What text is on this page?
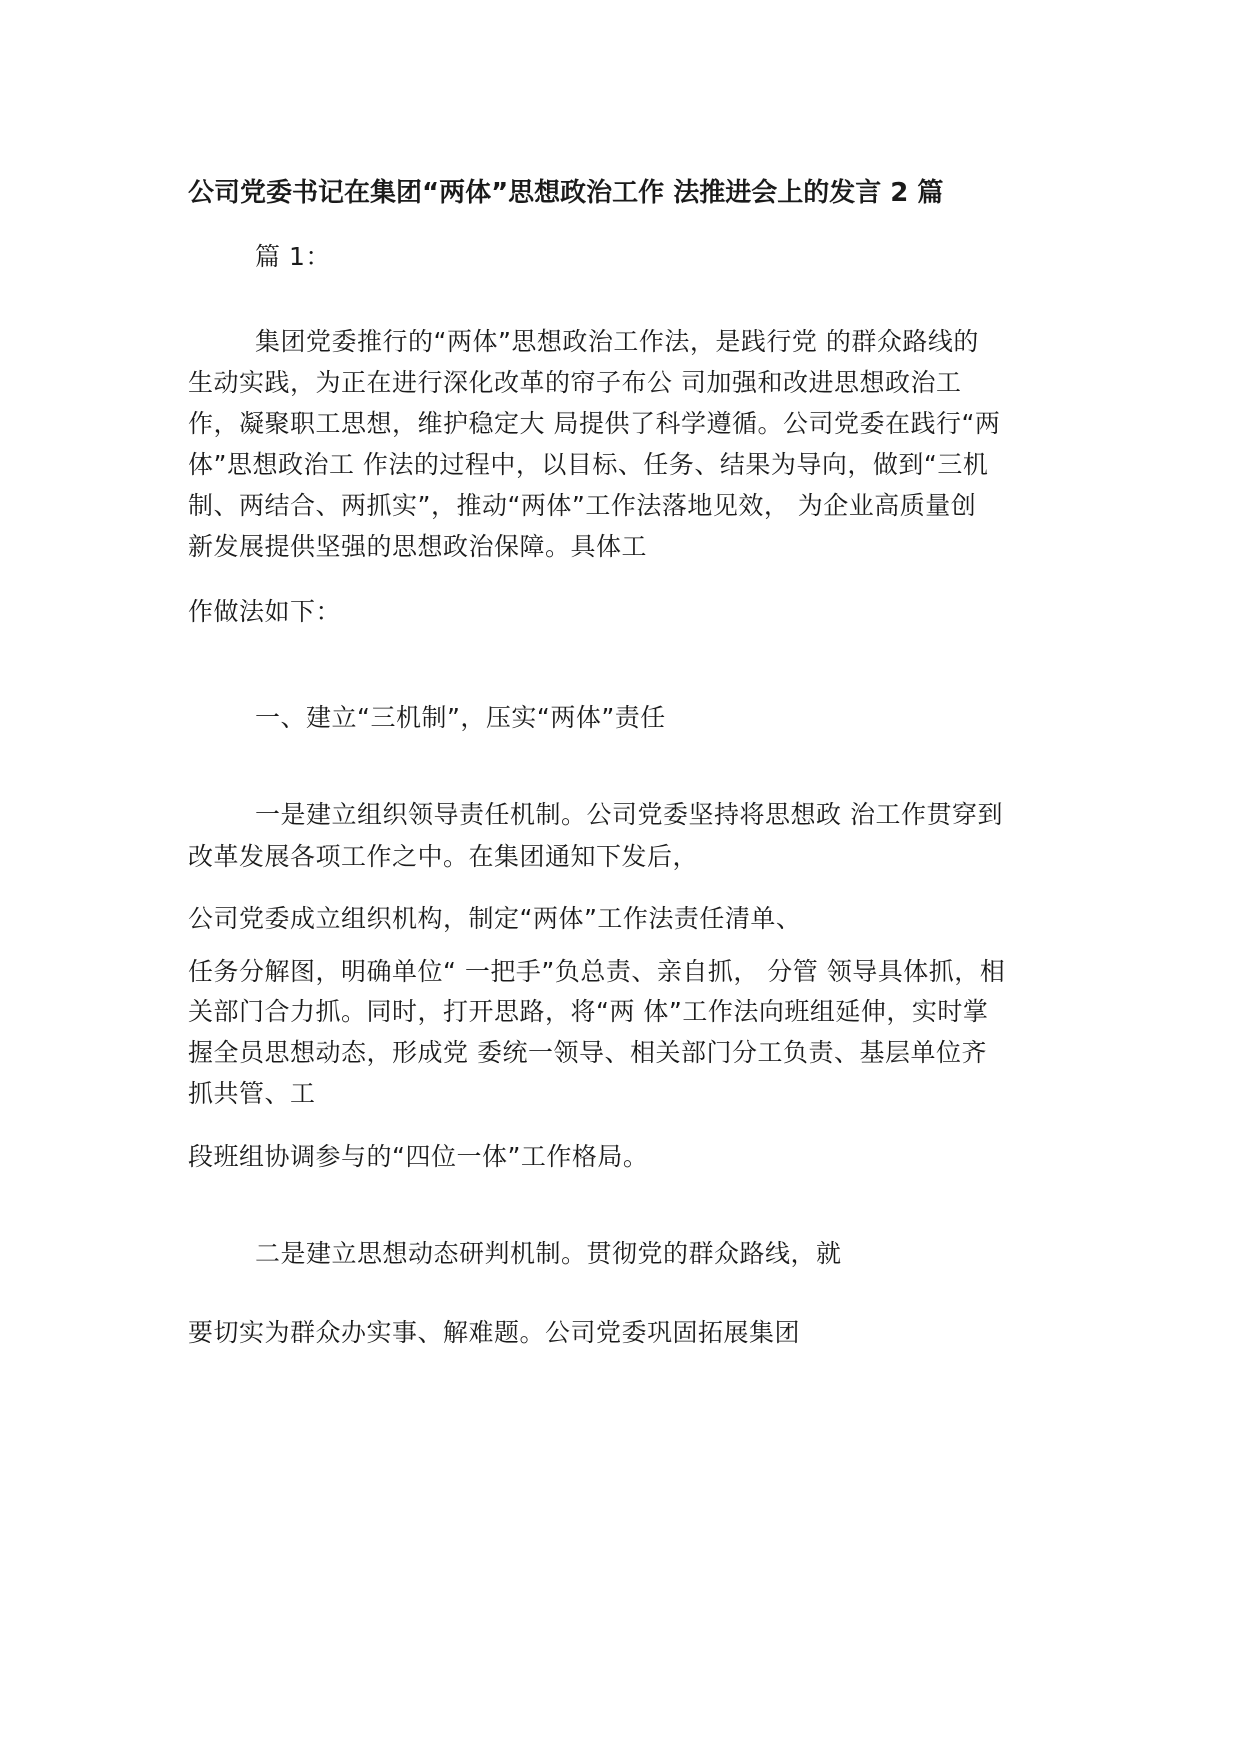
公司党委书记在集团“两体”思想政治工作 法推进会上的发言 2 篇

篇 1：

集团党委推行的“两体”思想政治工作法，是践行党 的群众路线的

生动实践，为正在进行深化改革的帘子布公 司加强和改进思想政治工

作，凝聚职工思想，维护稳定大 局提供了科学遵循。公司党委在践行“两

体”思想政治工 作法的过程中，以目标、任务、结果为导向，做到“三机

制、两结合、两抓实”，推动“两体”工作法落地见效， 为企业高质量创

新发展提供坚强的思想政治保障。具体工

作做法如下：

一、建立“三机制”，压实“两体”责任

一是建立组织领导责任机制。公司党委坚持将思想政 治工作贯穿到

改革发展各项工作之中。在集团通知下发后，

公司党委成立组织机构，制定“两体”工作法责任清单、

任务分解图，明确单位“ 一把手”负总责、亲自抓， 分管 领导具体抓，相

关部门合力抓。同时，打开思路，将“两 体”工作法向班组延伸，实时掌

握全员思想动态，形成党 委统一领导、相关部门分工负责、基层单位齐

抓共管、工

段班组协调参与的“四位一体”工作格局。

二是建立思想动态研判机制。贯彻党的群众路线，就

要切实为群众办实事、解难题。公司党委巩固拓展集团
